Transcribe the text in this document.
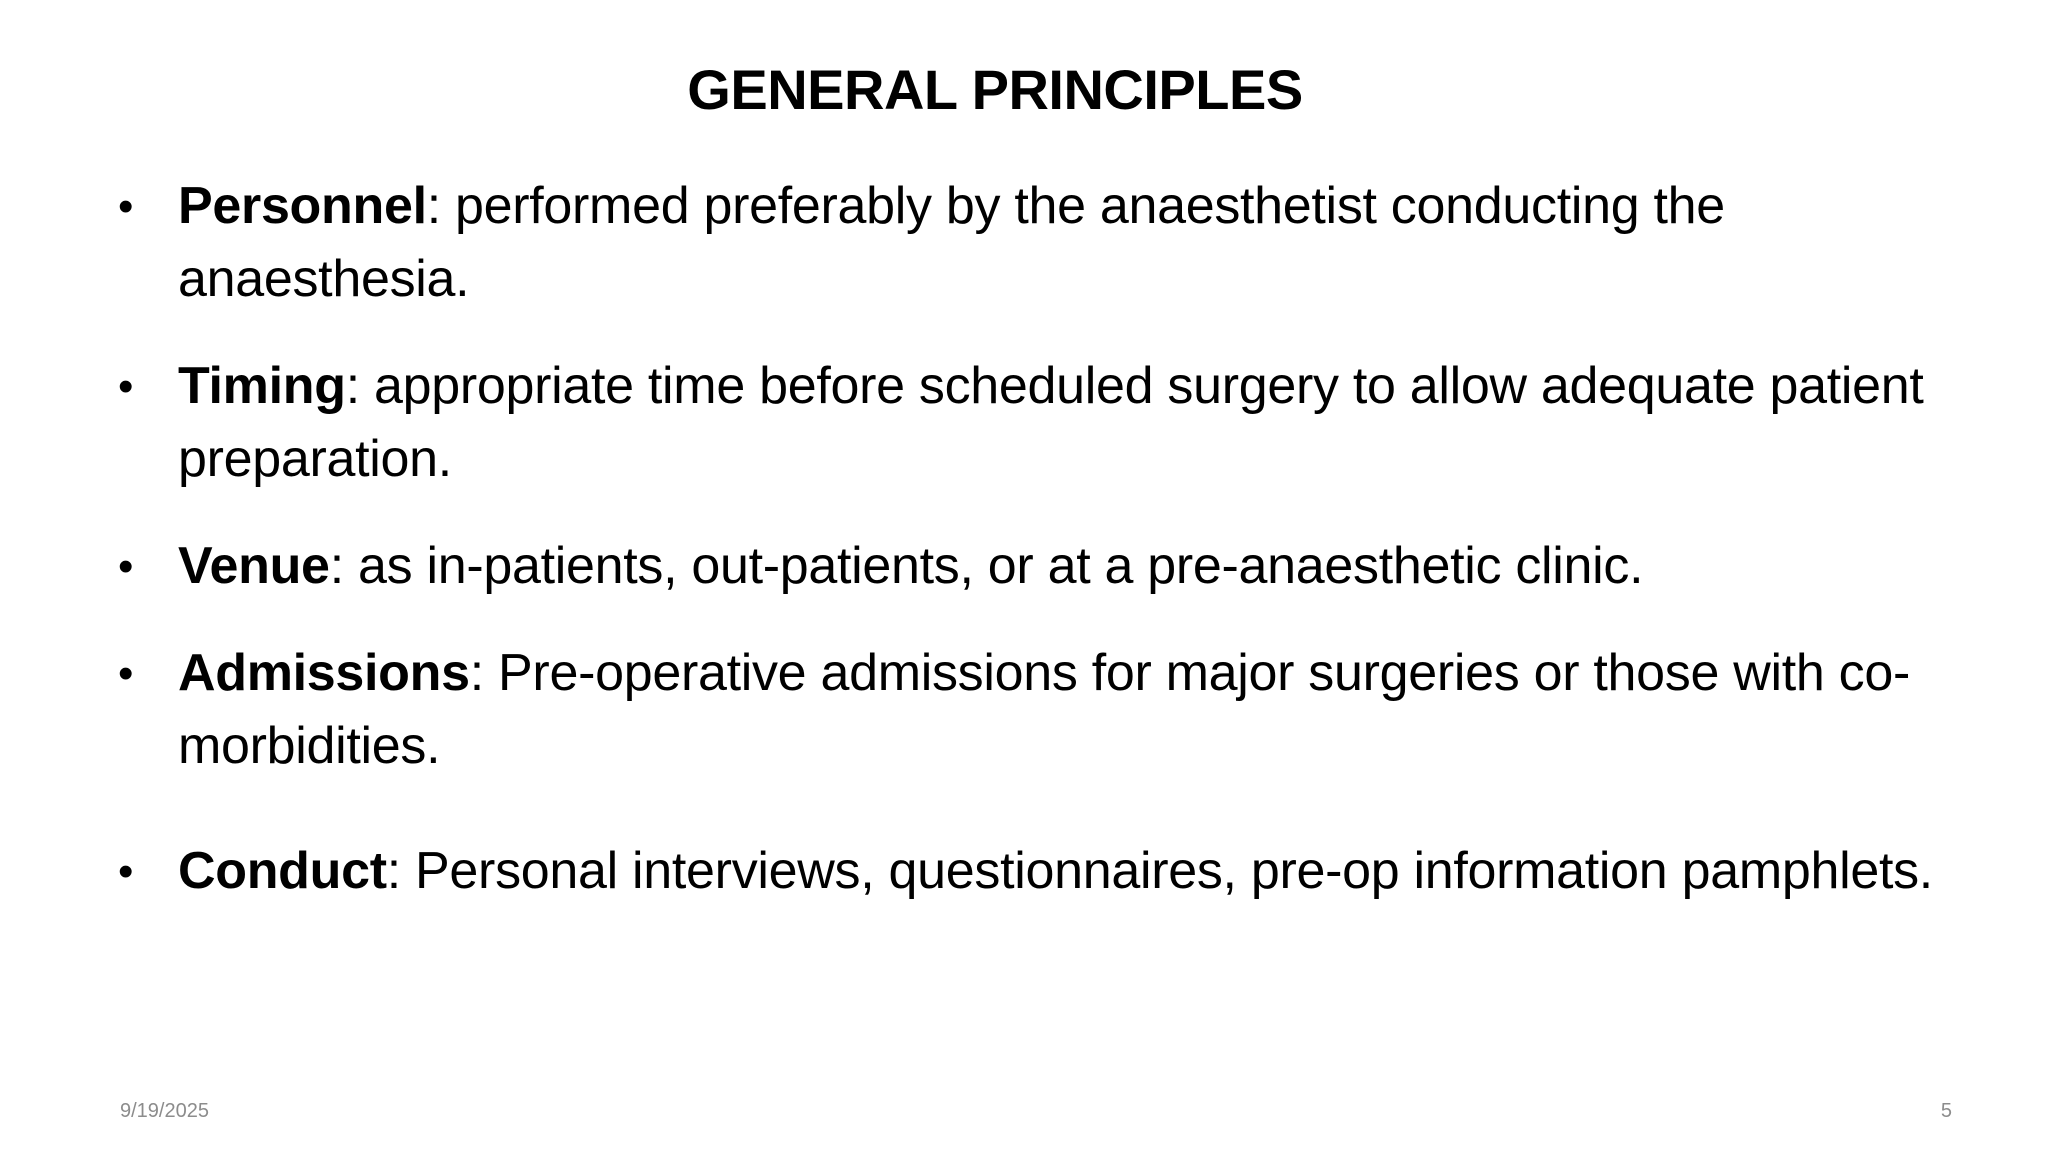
GENERAL PRINCIPLES
• Personnel: performed preferably by the anaesthetist conducting the anaesthesia.
• Timing: appropriate time before scheduled surgery to allow adequate patient preparation.
• Venue: as in-patients, out-patients, or at a pre-anaesthetic clinic.
• Admissions: Pre-operative admissions for major surgeries or those with co-morbidities.
• Conduct: Personal interviews, questionnaires, pre-op information pamphlets.
9/19/2025	5
